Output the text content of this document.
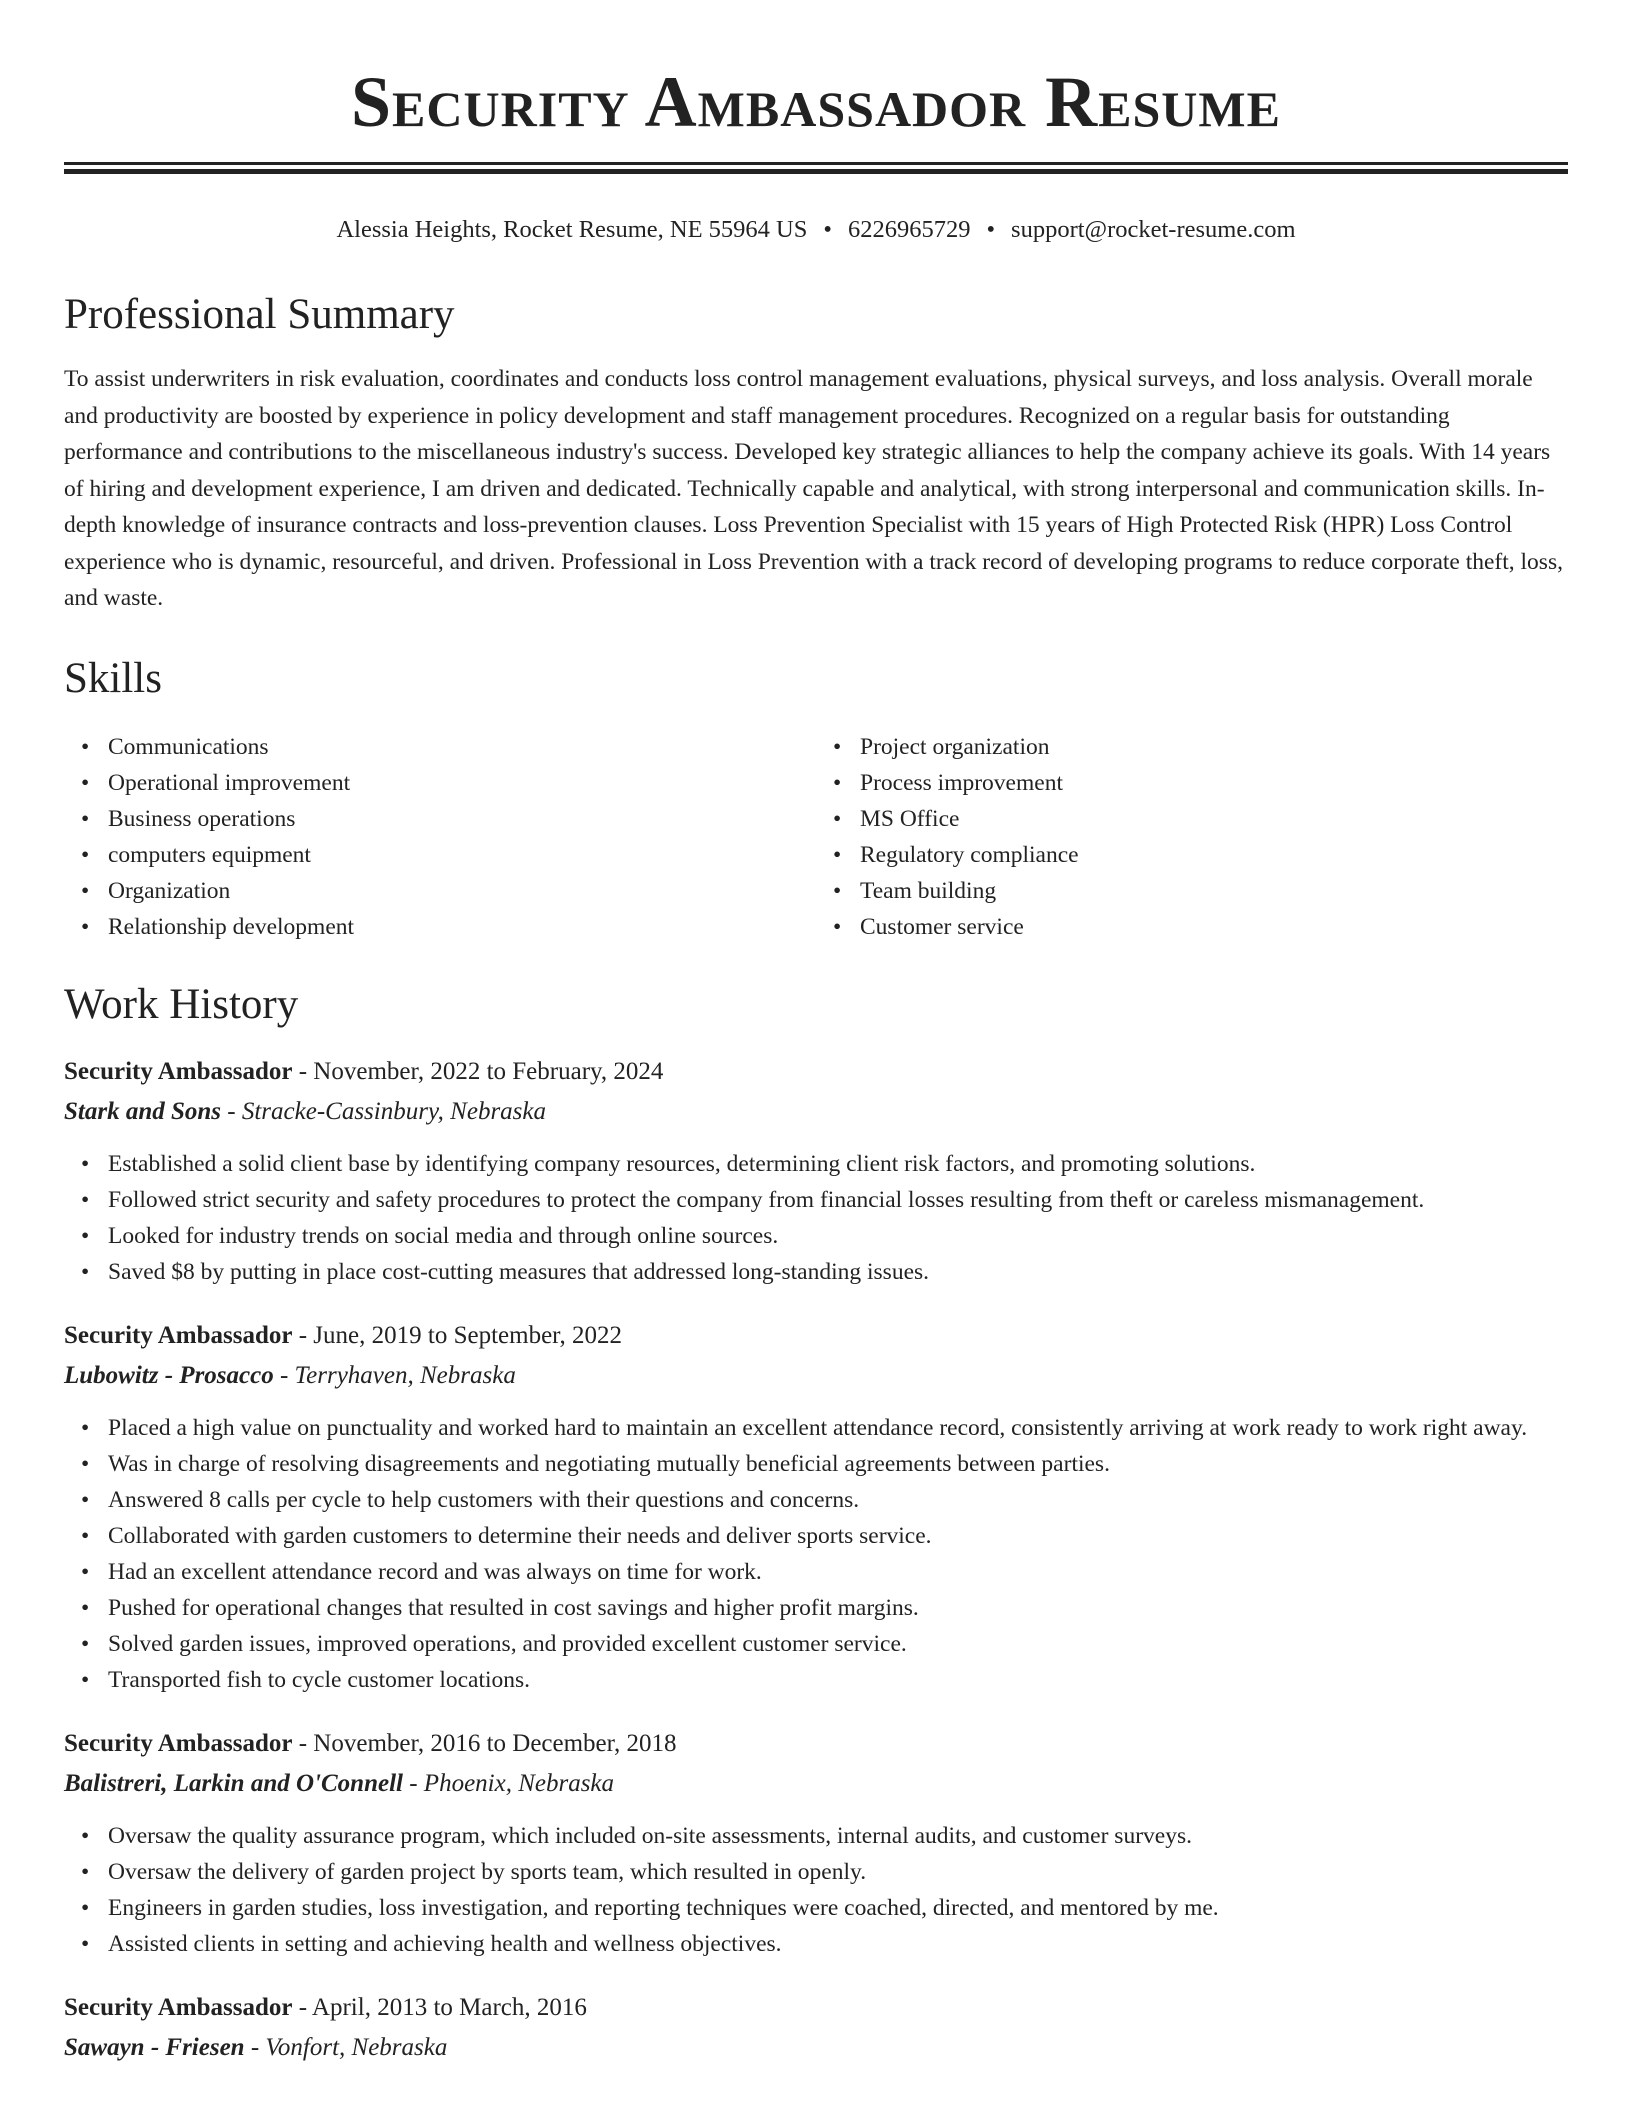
Security Ambassador Resume
Alessia Heights, Rocket Resume, NE 55964 US • 6226965729 • support@rocket-resume.com
Professional Summary

To assist underwriters in risk evaluation, coordinates and conducts loss control management evaluations, physical surveys, and loss analysis. Overall morale and productivity are boosted by experience in policy development and staff management procedures. Recognized on a regular basis for outstanding performance and contributions to the miscellaneous industry's success. Developed key strategic alliances to help the company achieve its goals. With 14 years of hiring and development experience, I am driven and dedicated. Technically capable and analytical, with strong interpersonal and communication skills. In-depth knowledge of insurance contracts and loss-prevention clauses. Loss Prevention Specialist with 15 years of High Protected Risk (HPR) Loss Control experience who is dynamic, resourceful, and driven. Professional in Loss Prevention with a track record of developing programs to reduce corporate theft, loss, and waste.

Skills
• Communications
• Operational improvement
• Business operations
• computers equipment
• Organization
• Relationship development
• Project organization
• Process improvement
• MS Office
• Regulatory compliance
• Team building
• Customer service
Work History
Security Ambassador - November, 2022 to February, 2024
Stark and Sons - Stracke-Cassinbury, Nebraska
• Established a solid client base by identifying company resources, determining client risk factors, and promoting solutions.
• Followed strict security and safety procedures to protect the company from financial losses resulting from theft or careless mismanagement.
• Looked for industry trends on social media and through online sources.
• Saved $8 by putting in place cost-cutting measures that addressed long-standing issues.
Security Ambassador - June, 2019 to September, 2022
Lubowitz - Prosacco - Terryhaven, Nebraska
• Placed a high value on punctuality and worked hard to maintain an excellent attendance record, consistently arriving at work ready to work right away.
• Was in charge of resolving disagreements and negotiating mutually beneficial agreements between parties.
• Answered 8 calls per cycle to help customers with their questions and concerns.
• Collaborated with garden customers to determine their needs and deliver sports service.
• Had an excellent attendance record and was always on time for work.
• Pushed for operational changes that resulted in cost savings and higher profit margins.
• Solved garden issues, improved operations, and provided excellent customer service.
• Transported fish to cycle customer locations.
Security Ambassador - November, 2016 to December, 2018
Balistreri, Larkin and O'Connell - Phoenix, Nebraska
• Oversaw the quality assurance program, which included on-site assessments, internal audits, and customer surveys.
• Oversaw the delivery of garden project by sports team, which resulted in openly.
• Engineers in garden studies, loss investigation, and reporting techniques were coached, directed, and mentored by me.
• Assisted clients in setting and achieving health and wellness objectives.
Security Ambassador - April, 2013 to March, 2016
Sawayn - Friesen - Vonfort, Nebraska
